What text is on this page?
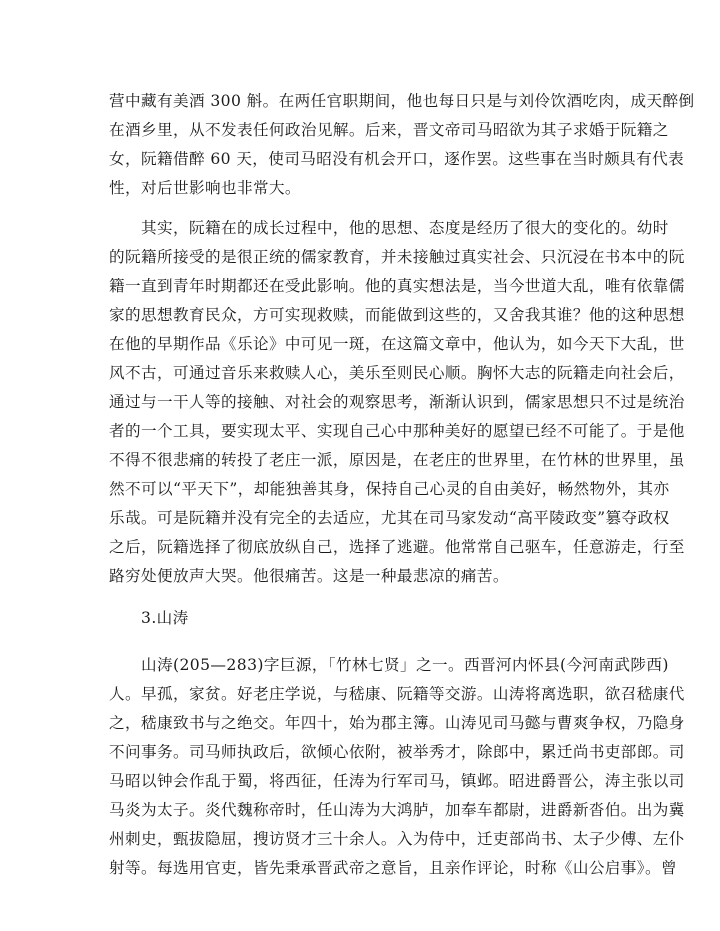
营中藏有美酒 300 斛。在两任官职期间，他也每日只是与刘伶饮酒吃肉，成天醉倒
在酒乡里，从不发表任何政治见解。后来，晋文帝司马昭欲为其子求婚于阮籍之
女，阮籍借醉 60 天，使司马昭没有机会开口，逐作罢。这些事在当时颇具有代表
性，对后世影响也非常大。
其实，阮籍在的成长过程中，他的思想、态度是经历了很大的变化的。幼时
的阮籍所接受的是很正统的儒家教育，并未接触过真实社会、只沉浸在书本中的阮
籍一直到青年时期都还在受此影响。他的真实想法是，当今世道大乱，唯有依靠儒
家的思想教育民众，方可实现救赎，而能做到这些的，又舍我其谁？他的这种思想
在他的早期作品《乐论》中可见一斑，在这篇文章中，他认为，如今天下大乱，世
风不古，可通过音乐来救赎人心，美乐至则民心顺。胸怀大志的阮籍走向社会后，
通过与一干人等的接触、对社会的观察思考，渐渐认识到，儒家思想只不过是统治
者的一个工具，要实现太平、实现自己心中那种美好的愿望已经不可能了。于是他
不得不很悲痛的转投了老庄一派，原因是，在老庄的世界里，在竹林的世界里，虽
然不可以“平天下”，却能独善其身，保持自己心灵的自由美好，畅然物外，其亦
乐哉。可是阮籍并没有完全的去适应，尤其在司马家发动“高平陵政变”篡夺政权
之后，阮籍选择了彻底放纵自己，选择了逃避。他常常自己驱车，任意游走，行至
路穷处便放声大哭。他很痛苦。这是一种最悲凉的痛苦。
3.山涛
山涛(205—283)字巨源，「竹林七贤」之一。西晋河内怀县(今河南武陟西)
人。早孤，家贫。好老庄学说，与嵇康、阮籍等交游。山涛将离选职，欲召嵇康代
之，嵇康致书与之绝交。年四十，始为郡主簿。山涛见司马懿与曹爽争权，乃隐身
不问事务。司马师执政后，欲倾心依附，被举秀才，除郎中，累迁尚书吏部郎。司
马昭以钟会作乱于蜀，将西征，任涛为行军司马，镇邺。昭进爵晋公，涛主张以司
马炎为太子。炎代魏称帝时，任山涛为大鸿胪，加奉车都尉，进爵新沓伯。出为冀
州刺史，甄拔隐屈，搜访贤才三十余人。入为侍中，迁吏部尚书、太子少傅、左仆
射等。每选用官吏，皆先秉承晋武帝之意旨，且亲作评论，时称《山公启事》。曾
